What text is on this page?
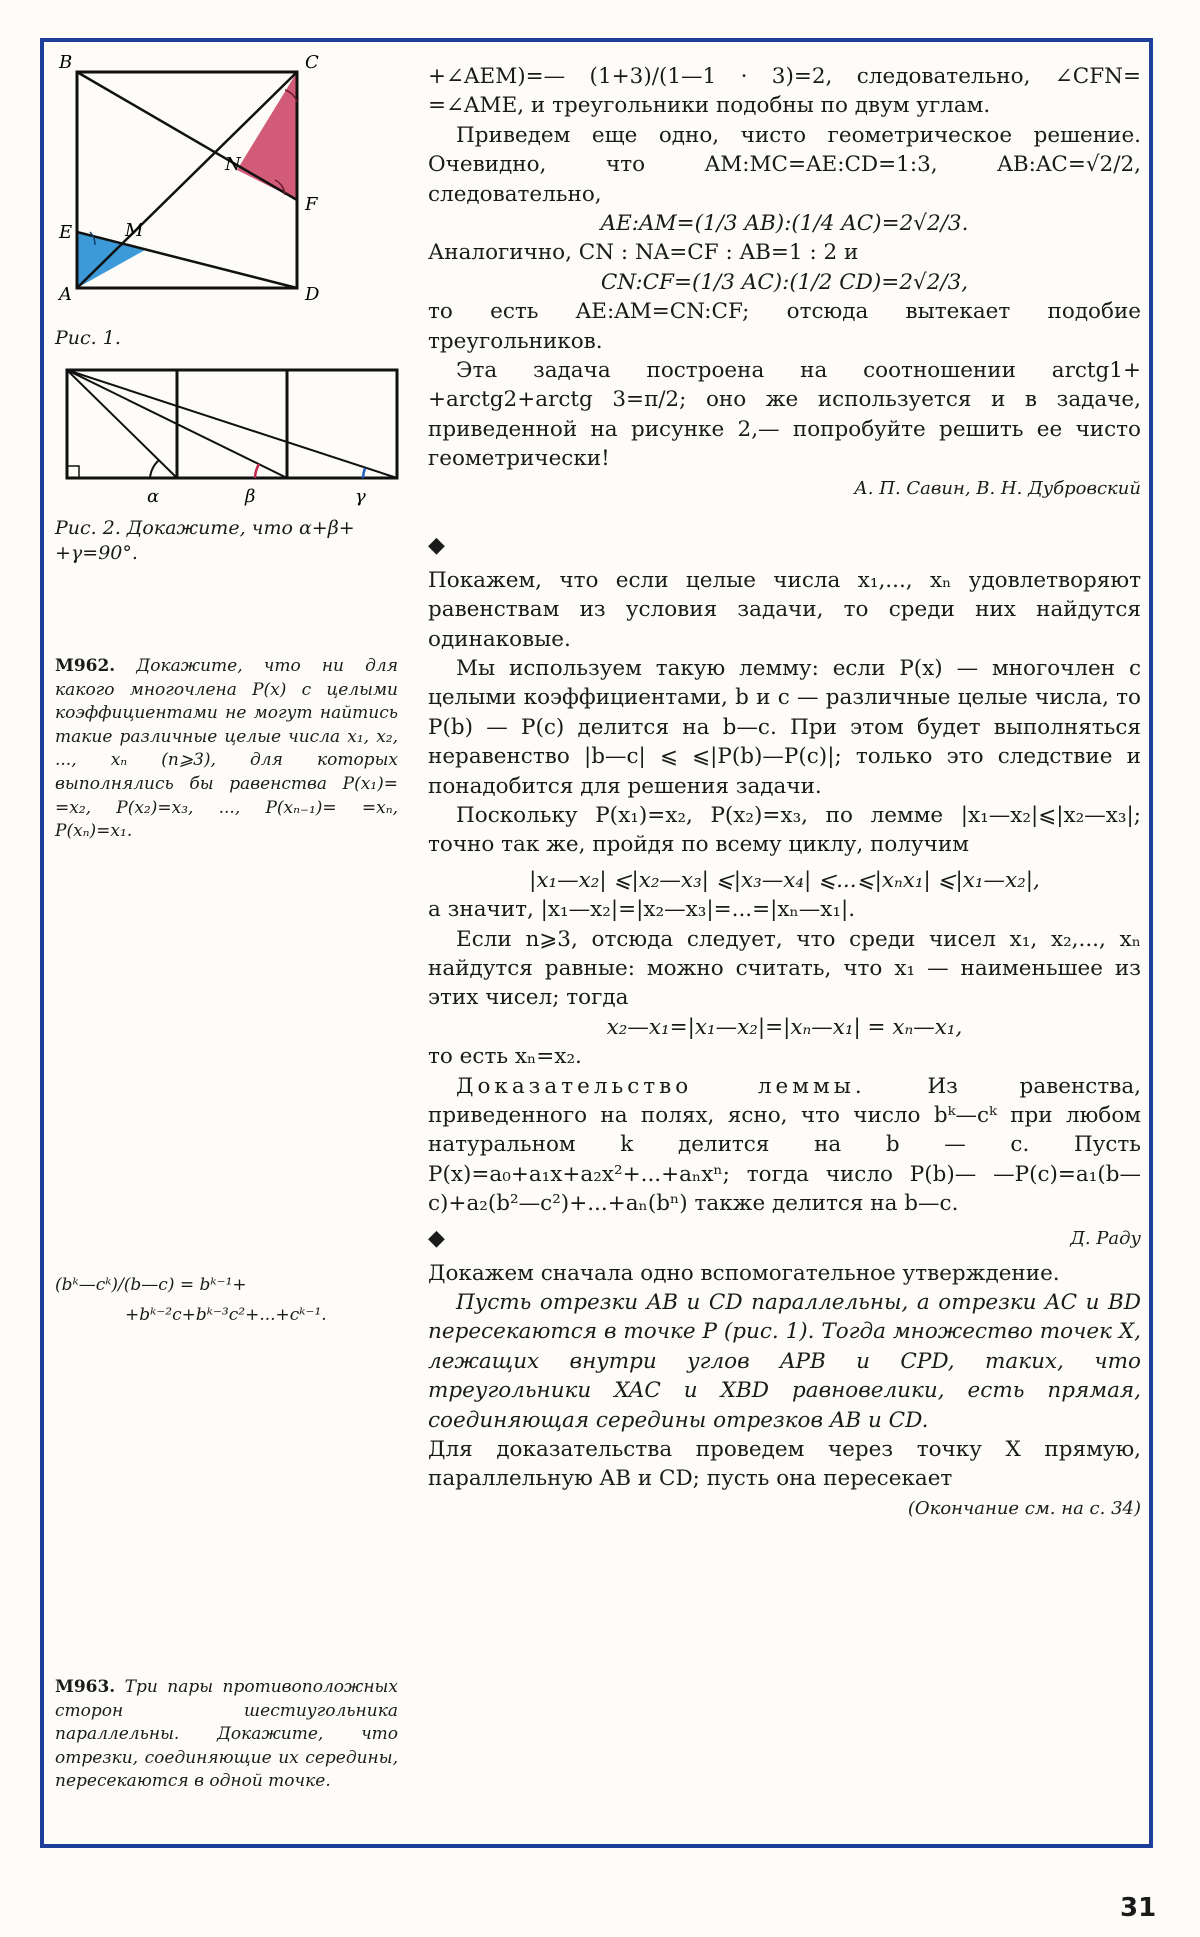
B	C
N
F
E	M
A	D
Рис. 1.
α	β	γ
Рис. 2. Докажите, что α+β+ +γ=90°.
М962. Докажите, что ни для какого многочлена P(x) с целыми коэффициентами не могут найтись такие различные целые числа x₁, x₂, ..., xₙ (n⩾3), для которых выполнялись бы равенства P(x₁)= =x₂, P(x₂)=x₃, ..., P(xₙ₋₁)= =xₙ, P(xₙ)=x₁.
(bᵏ—cᵏ)/(b—c) = bᵏ⁻¹+
+bᵏ⁻²c+bᵏ⁻³c²+...+cᵏ⁻¹.
М963. Три пары противоположных сторон шестиугольника параллельны. Докажите, что отрезки, соединяющие их середины, пересекаются в одной точке.

+∠AEM)=— (1+3)/(1—1 · 3)=2, следовательно, ∠CFN= =∠AME, и треугольники подобны по двум углам.

Приведем еще одно, чисто геометрическое решение. Очевидно, что AM:MC=AE:CD=1:3, AB:AC=√2/2, следовательно,

AE:AM=(1/3 AB):(1/4 AC)=2√2/3.

Аналогично, CN : NA=CF : AB=1 : 2 и

CN:CF=(1/3 AC):(1/2 CD)=2√2/3,

то есть AE:AM=CN:CF; отсюда вытекает подобие треугольников.

Эта задача построена на соотношении arctg1+ +arctg2+arctg 3=π/2; оно же используется и в задаче, приведенной на рисунке 2,— попробуйте решить ее чисто геометрически!

А. П. Савин, В. Н. Дубровский
◆

Покажем, что если целые числа x₁,..., xₙ удовлетворяют равенствам из условия задачи, то среди них найдутся одинаковые.

Мы используем такую лемму: если P(x) — многочлен с целыми коэффициентами, b и c — различные целые числа, то P(b) — P(c) делится на b—c. При этом будет выполняться неравенство |b—c| ⩽ ⩽|P(b)—P(c)|; только это следствие и понадобится для решения задачи.

Поскольку P(x₁)=x₂, P(x₂)=x₃, по лемме |x₁—x₂|⩽|x₂—x₃|; точно так же, пройдя по всему циклу, получим

|x₁—x₂| ⩽|x₂—x₃| ⩽|x₃—x₄| ⩽...⩽|xₙx₁| ⩽|x₁—x₂|,

а значит, |x₁—x₂|=|x₂—x₃|=...=|xₙ—x₁|.

Если n⩾3, отсюда следует, что среди чисел x₁, x₂,..., xₙ найдутся равные: можно считать, что x₁ — наименьшее из этих чисел; тогда

x₂—x₁=|x₁—x₂|=|xₙ—x₁| = xₙ—x₁,

то есть xₙ=x₂.

Доказательство леммы.	Из равенства, приведенного на полях, ясно, что число bᵏ—cᵏ при любом натуральном k делится на b — c. Пусть P(x)=a₀+a₁x+a₂x²+...+aₙxⁿ; тогда число P(b)— —P(c)=a₁(b—c)+a₂(b²—c²)+...+aₙ(bⁿ) также делится на b—c.

◆	Д. Раду

Докажем сначала одно вспомогательное утверждение.

Пусть отрезки AB и CD параллельны, а отрезки AC и BD пересекаются в точке P (рис. 1). Тогда множество точек X, лежащих внутри углов APB и CPD, таких, что треугольники XAC и XBD равновелики, есть прямая, соединяющая середины отрезков AB и CD.

Для доказательства проведем через точку X прямую, параллельную AB и CD; пусть она пересекает

(Окончание см. на с. 34)
31
